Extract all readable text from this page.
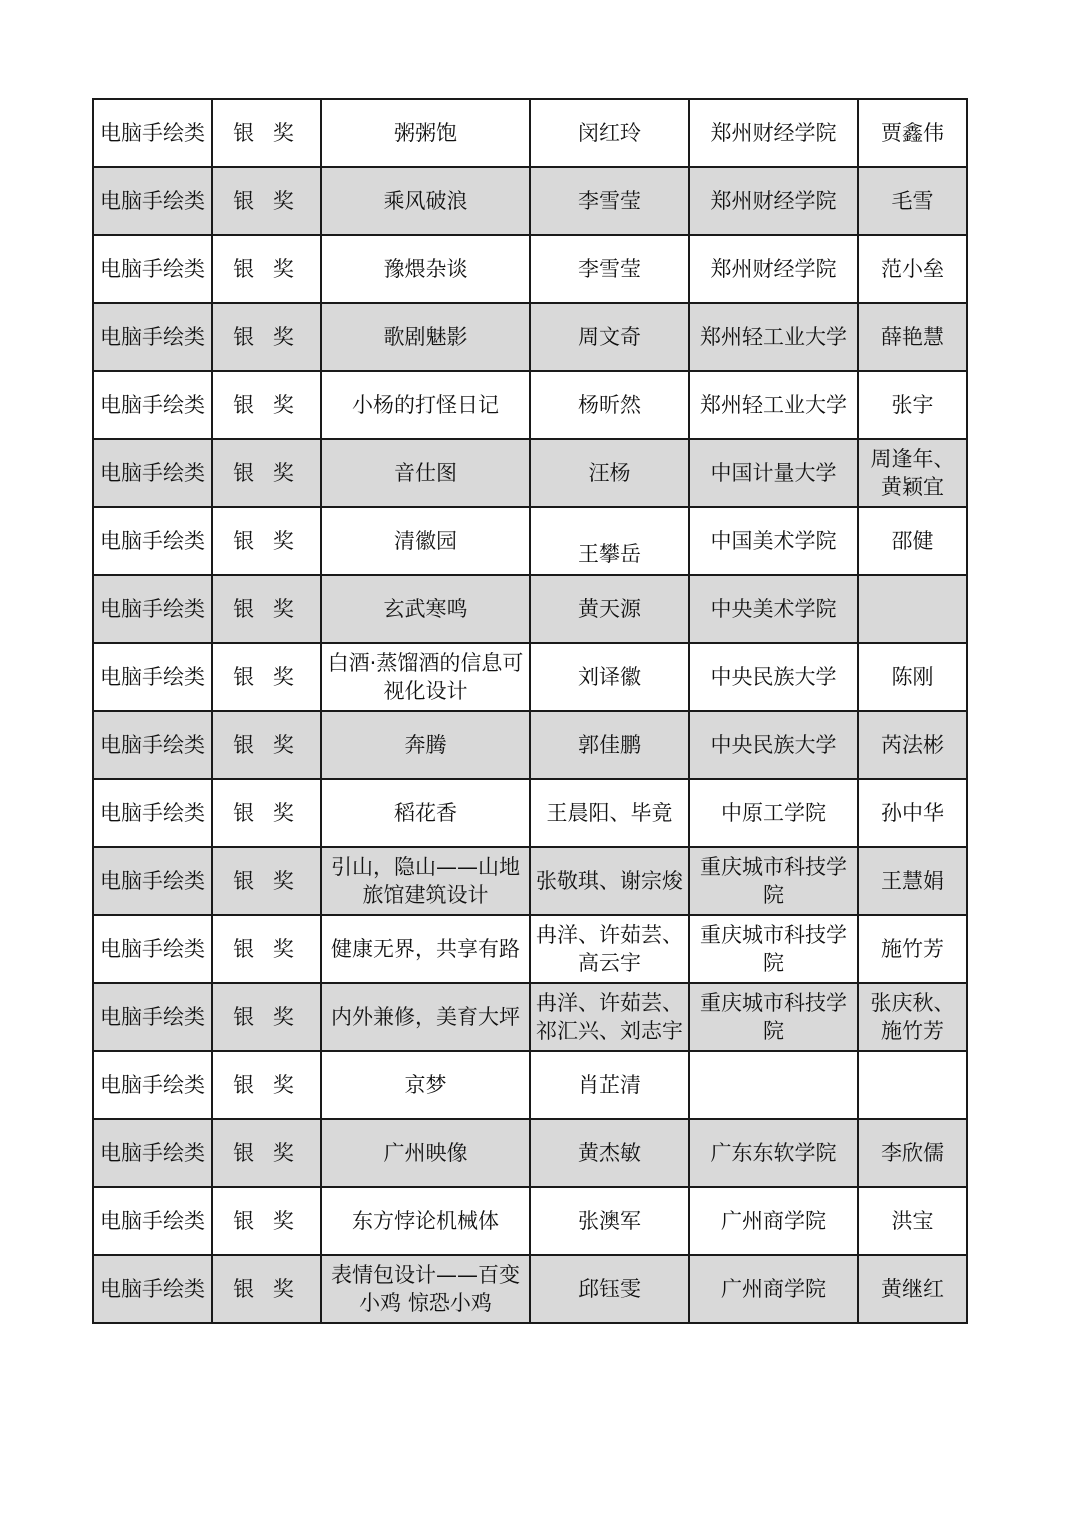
电脑手绘类	银 奖	粥粥饱	闵红玲	郑州财经学院	贾鑫伟
电脑手绘类	银 奖	乘风破浪	李雪莹	郑州财经学院	毛雪
电脑手绘类	银 奖	豫煨杂谈	李雪莹	郑州财经学院	范小垒
电脑手绘类	银 奖	歌剧魅影	周文奇	郑州轻工业大学	薛艳慧
电脑手绘类	银 奖	小杨的打怪日记	杨昕然	郑州轻工业大学	张宇
电脑手绘类	银 奖	音仕图	汪杨	中国计量大学	周逢年、黄颖宜
电脑手绘类	银 奖	清徽园	王攀岳	中国美术学院	邵健
电脑手绘类	银 奖	玄武寒鸣	黄天源	中央美术学院	
电脑手绘类	银 奖	白酒·蒸馏酒的信息可视化设计	刘译徽	中央民族大学	陈刚
电脑手绘类	银 奖	奔腾	郭佳鹏	中央民族大学	芮法彬
电脑手绘类	银 奖	稻花香	王晨阳、毕竟	中原工学院	孙中华
电脑手绘类	银 奖	引山，隐山——山地旅馆建筑设计	张敬琪、谢宗焌	重庆城市科技学院	王慧娟
电脑手绘类	银 奖	健康无界，共享有路	冉洋、许茹芸、高云宇	重庆城市科技学院	施竹芳
电脑手绘类	银 奖	内外兼修，美育大坪	冉洋、许茹芸、祁汇兴、刘志宇	重庆城市科技学院	张庆秋、施竹芳
电脑手绘类	银 奖	京梦	肖芷清		
电脑手绘类	银 奖	广州映像	黄杰敏	广东东软学院	李欣儒
电脑手绘类	银 奖	东方悖论机械体	张澳军	广州商学院	洪宝
电脑手绘类	银 奖	表情包设计——百变小鸡 惊恐小鸡	邱钰雯	广州商学院	黄继红
